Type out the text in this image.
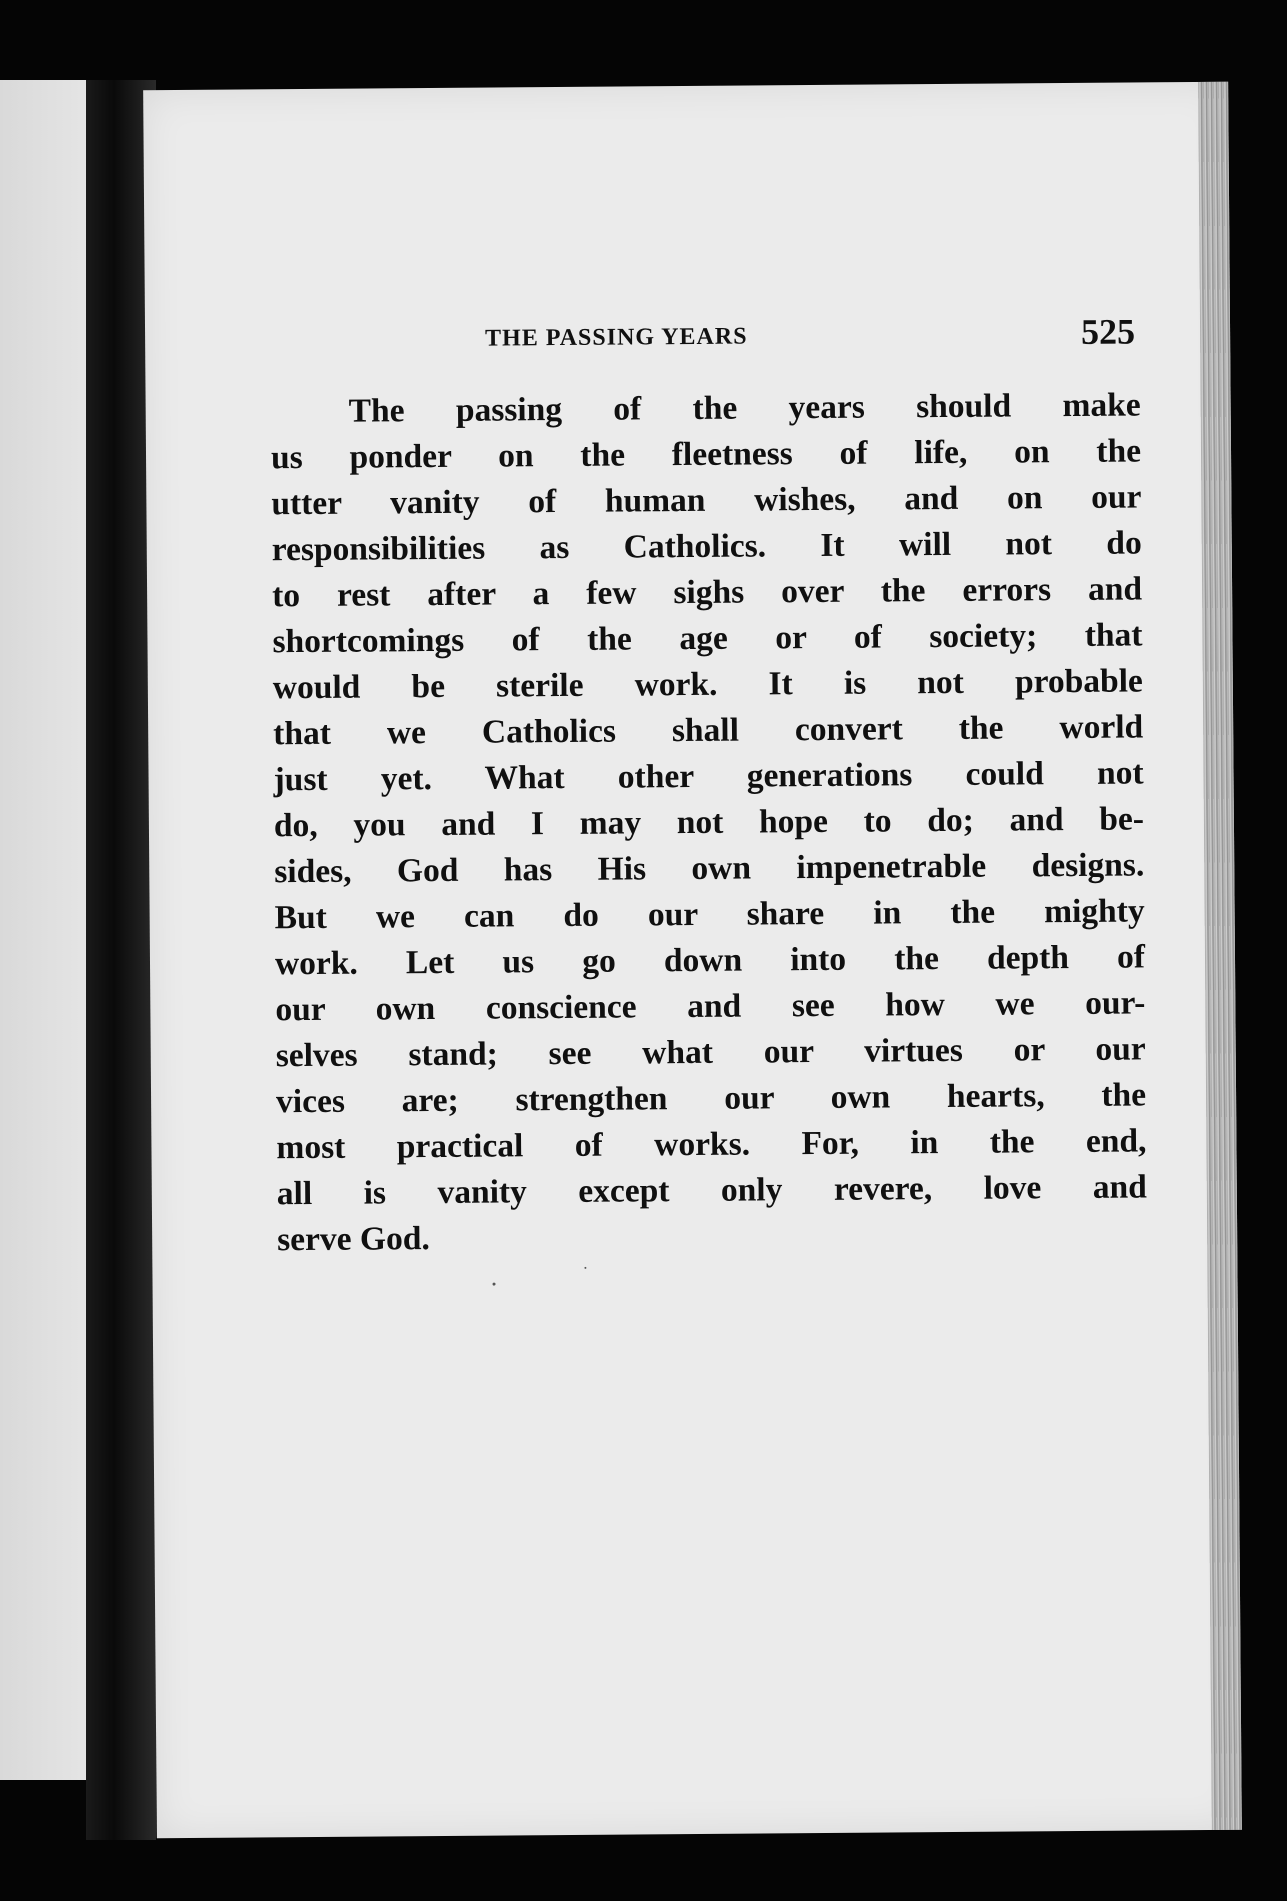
THE PASSING YEARS	525
The passing of the years should make
us ponder on the fleetness of life, on the
utter vanity of human wishes, and on our
responsibilities as Catholics. It will not do
to rest after a few sighs over the errors and
shortcomings of the age or of society; that
would be sterile work. It is not probable
that we Catholics shall convert the world
just yet. What other generations could not
do, you and I may not hope to do; and be-
sides, God has His own impenetrable designs.
But we can do our share in the mighty
work. Let us go down into the depth of
our own conscience and see how we our-
selves stand; see what our virtues or our
vices are; strengthen our own hearts, the
most practical of works. For, in the end,
all is vanity except only revere, love and
serve God.
